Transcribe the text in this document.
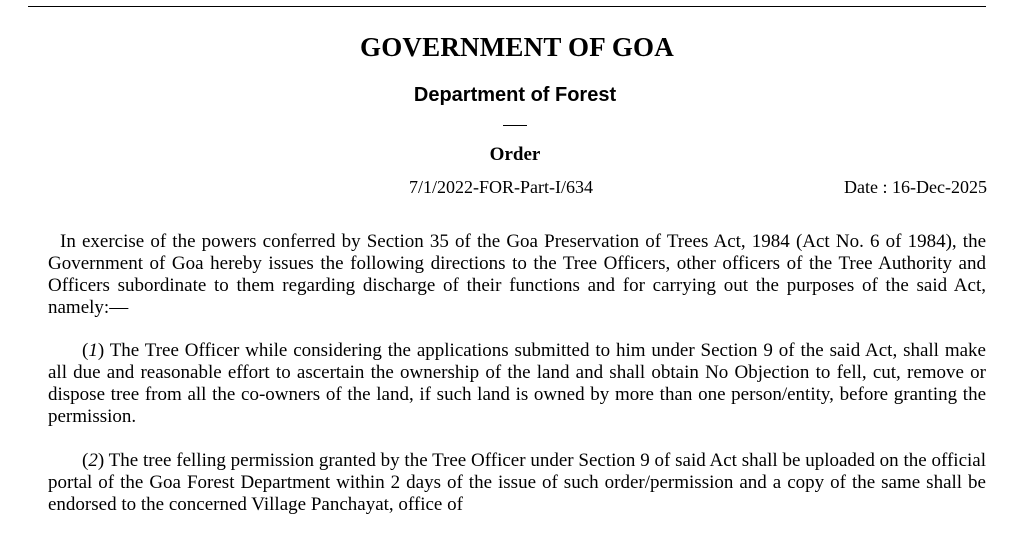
GOVERNMENT OF GOA
Department of Forest
Order
7/1/2022-FOR-Part-I/634	Date : 16-Dec-2025

In exercise of the powers conferred by Section 35 of the Goa Preservation of Trees Act, 1984 (Act No. 6 of 1984), the Government of Goa hereby issues the following directions to the Tree Officers, other officers of the Tree Authority and Officers subordinate to them regarding discharge of their functions and for carrying out the purposes of the said Act, namely:—

(1) The Tree Officer while considering the applications submitted to him under Section 9 of the said Act, shall make all due and reasonable effort to ascertain the ownership of the land and shall obtain No Objection to fell, cut, remove or dispose tree from all the co-owners of the land, if such land is owned by more than one person/entity, before granting the permission.

(2) The tree felling permission granted by the Tree Officer under Section 9 of said Act shall be uploaded on the official portal of the Goa Forest Department within 2 days of the issue of such order/permission and a copy of the same shall be endorsed to the concerned Village Panchayat, office of
